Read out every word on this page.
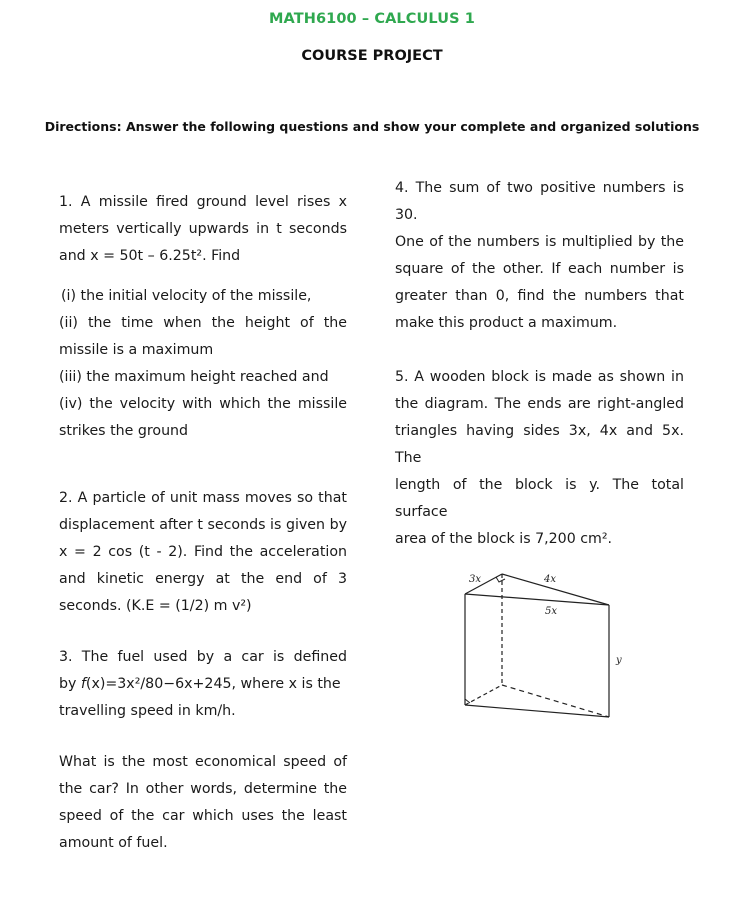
MATH6100 – CALCULUS 1
COURSE PROJECT
Directions: Answer the following questions and show your complete and organized solutions

1. A missile fired ground level rises x

meters vertically upwards in t seconds

and x = 50t – 6.25t². Find

(i) the initial velocity of the missile,

(ii) the time when the height of the

missile is a maximum

(iii) the maximum height reached and

(iv) the velocity with which the missile

strikes the ground

2. A particle of unit mass moves so that

displacement after t seconds is given by

x = 2 cos (t - 2). Find the acceleration

and kinetic energy at the end of 3

seconds. (K.E = (1/2) m v²)

3. The fuel used by a car is defined

by f(x)=3x²/80−6x+245, where x is the

travelling speed in km/h.

What is the most economical speed of

the car? In other words, determine the

speed of the car which uses the least

amount of fuel.

4. The sum of two positive numbers is 30.

One of the numbers is multiplied by the

square of the other. If each number is

greater than 0, find the numbers that

make this product a maximum.

5. A wooden block is made as shown in

the diagram. The ends are right-angled

triangles having sides 3x, 4x and 5x. The

length of the block is y. The total surface

area of the block is 7,200 cm².

3x	4x
5x
y
